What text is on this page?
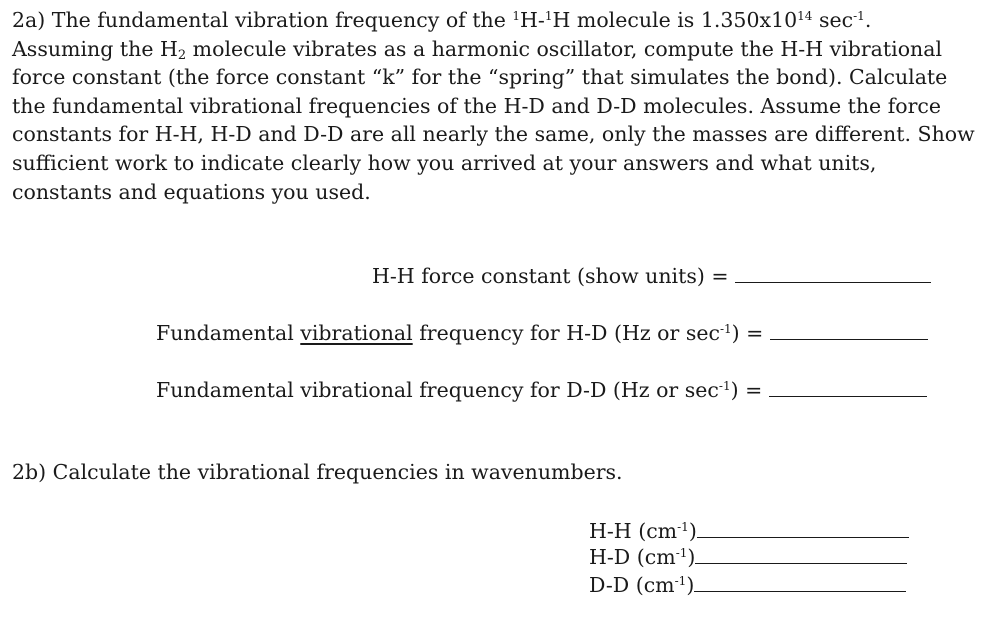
2a) The fundamental vibration frequency of the $^1$H-$^1$H molecule is $1.350x10^{14}$ $\sec^{-1}$.
Assuming the $H_2$ molecule vibrates as a harmonic oscillator, compute the H-H vibrational
force constant (the force constant “k” for the “spring” that simulates the bond). Calculate
the fundamental vibrational frequencies of the H-D and D-D molecules. Assume the force
constants for H-H, H-D and D-D are all nearly the same, only the masses are different. Show
sufficient work to indicate clearly how you arrived at your answers and what units,
constants and equations you used.
H-H force constant (show units) =
Fundamental vibrational frequency for H-D (Hz or $\sec^{-1}$) =
Fundamental vibrational frequency for D-D (Hz or $\sec^{-1}$) =
2b) Calculate the vibrational frequencies in wavenumbers.
H-H $(cm^{-1})$
H-D $(cm^{-1})$
D-D $(cm^{-1})$
